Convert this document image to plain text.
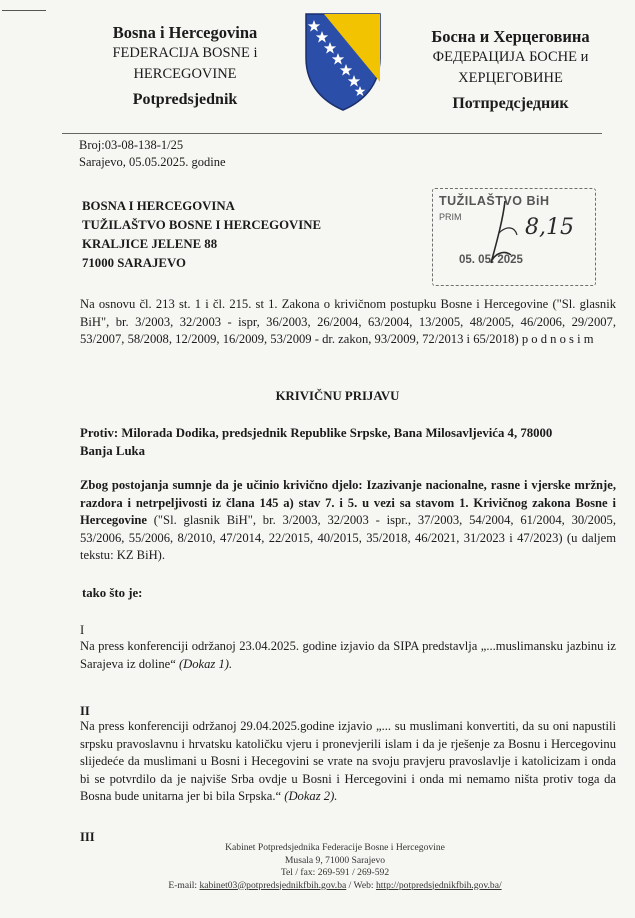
Bosna i Hercegovina
FEDERACIJA BOSNE i
HERCEGOVINE
Potpredsjednik
Босна и Херцеговина
ФЕДЕРАЦИЈА БОСНЕ и
ХЕРЦЕГОВИНЕ
Потпредсједник
Broj:03-08-138-1/25
Sarajevo, 05.05.2025. godine
BOSNA I HERCEGOVINA
TUŽILAŠTVO BOSNE I HERCEGOVINE
KRALJICE JELENE 88
71000 SARAJEVO
TUŽILAŠTVO BiH
PRIM
05. 05. 2025
8,15
Na osnovu čl. 213 st. 1 i čl. 215. st 1. Zakona o krivičnom postupku Bosne i Hercegovine ("Sl. glasnik BiH", br. 3/2003, 32/2003 - ispr, 36/2003, 26/2004, 63/2004, 13/2005, 48/2005, 46/2006, 29/2007, 53/2007, 58/2008, 12/2009, 16/2009, 53/2009 - dr. zakon, 93/2009, 72/2013 i 65/2018) p o d n o s i m
KRIVIČNU PRIJAVU
Protiv: Milorada Dodika, predsjednik Republike Srpske, Bana Milosavljevića 4, 78000
Banja Luka
Zbog postojanja sumnje da je učinio krivično djelo: Izazivanje nacionalne, rasne i vjerske mržnje, razdora i netrpeljivosti iz člana 145 a) stav 7. i 5. u vezi sa stavom 1. Krivičnog zakona Bosne i Hercegovine ("Sl. glasnik BiH", br. 3/2003, 32/2003 - ispr., 37/2003, 54/2004, 61/2004, 30/2005, 53/2006, 55/2006, 8/2010, 47/2014, 22/2015, 40/2015, 35/2018, 46/2021, 31/2023 i 47/2023) (u daljem tekstu: KZ BiH).
tako što je:
I
Na press konferenciji održanoj 23.04.2025. godine izjavio da SIPA predstavlja „...muslimansku jazbinu iz Sarajeva iz doline“ (Dokaz 1).
II
Na press konferenciji održanoj 29.04.2025.godine izjavio „... su muslimani konvertiti, da su oni napustili srpsku pravoslavnu i hrvatsku katoličku vjeru i pronevjerili islam i da je rješenje za Bosnu i Hercegovinu slijedeće da muslimani u Bosni i Hecegovini se vrate na svoju pravjeru pravoslavlje i katolicizam i onda bi se potvrdilo da je najviše Srba ovdje u Bosni i Hercegovini i onda mi nemamo ništa protiv toga da Bosna bude unitarna jer bi bila Srpska.“ (Dokaz 2).
III
Kabinet Potpredsjednika Federacije Bosne i Hercegovine
Musala 9, 71000 Sarajevo
Tel / fax: 269-591 / 269-592
E-mail: kabinet03@potpredsjednikfbih.gov.ba / Web: http://potpredsjednikfbih.gov.ba/
